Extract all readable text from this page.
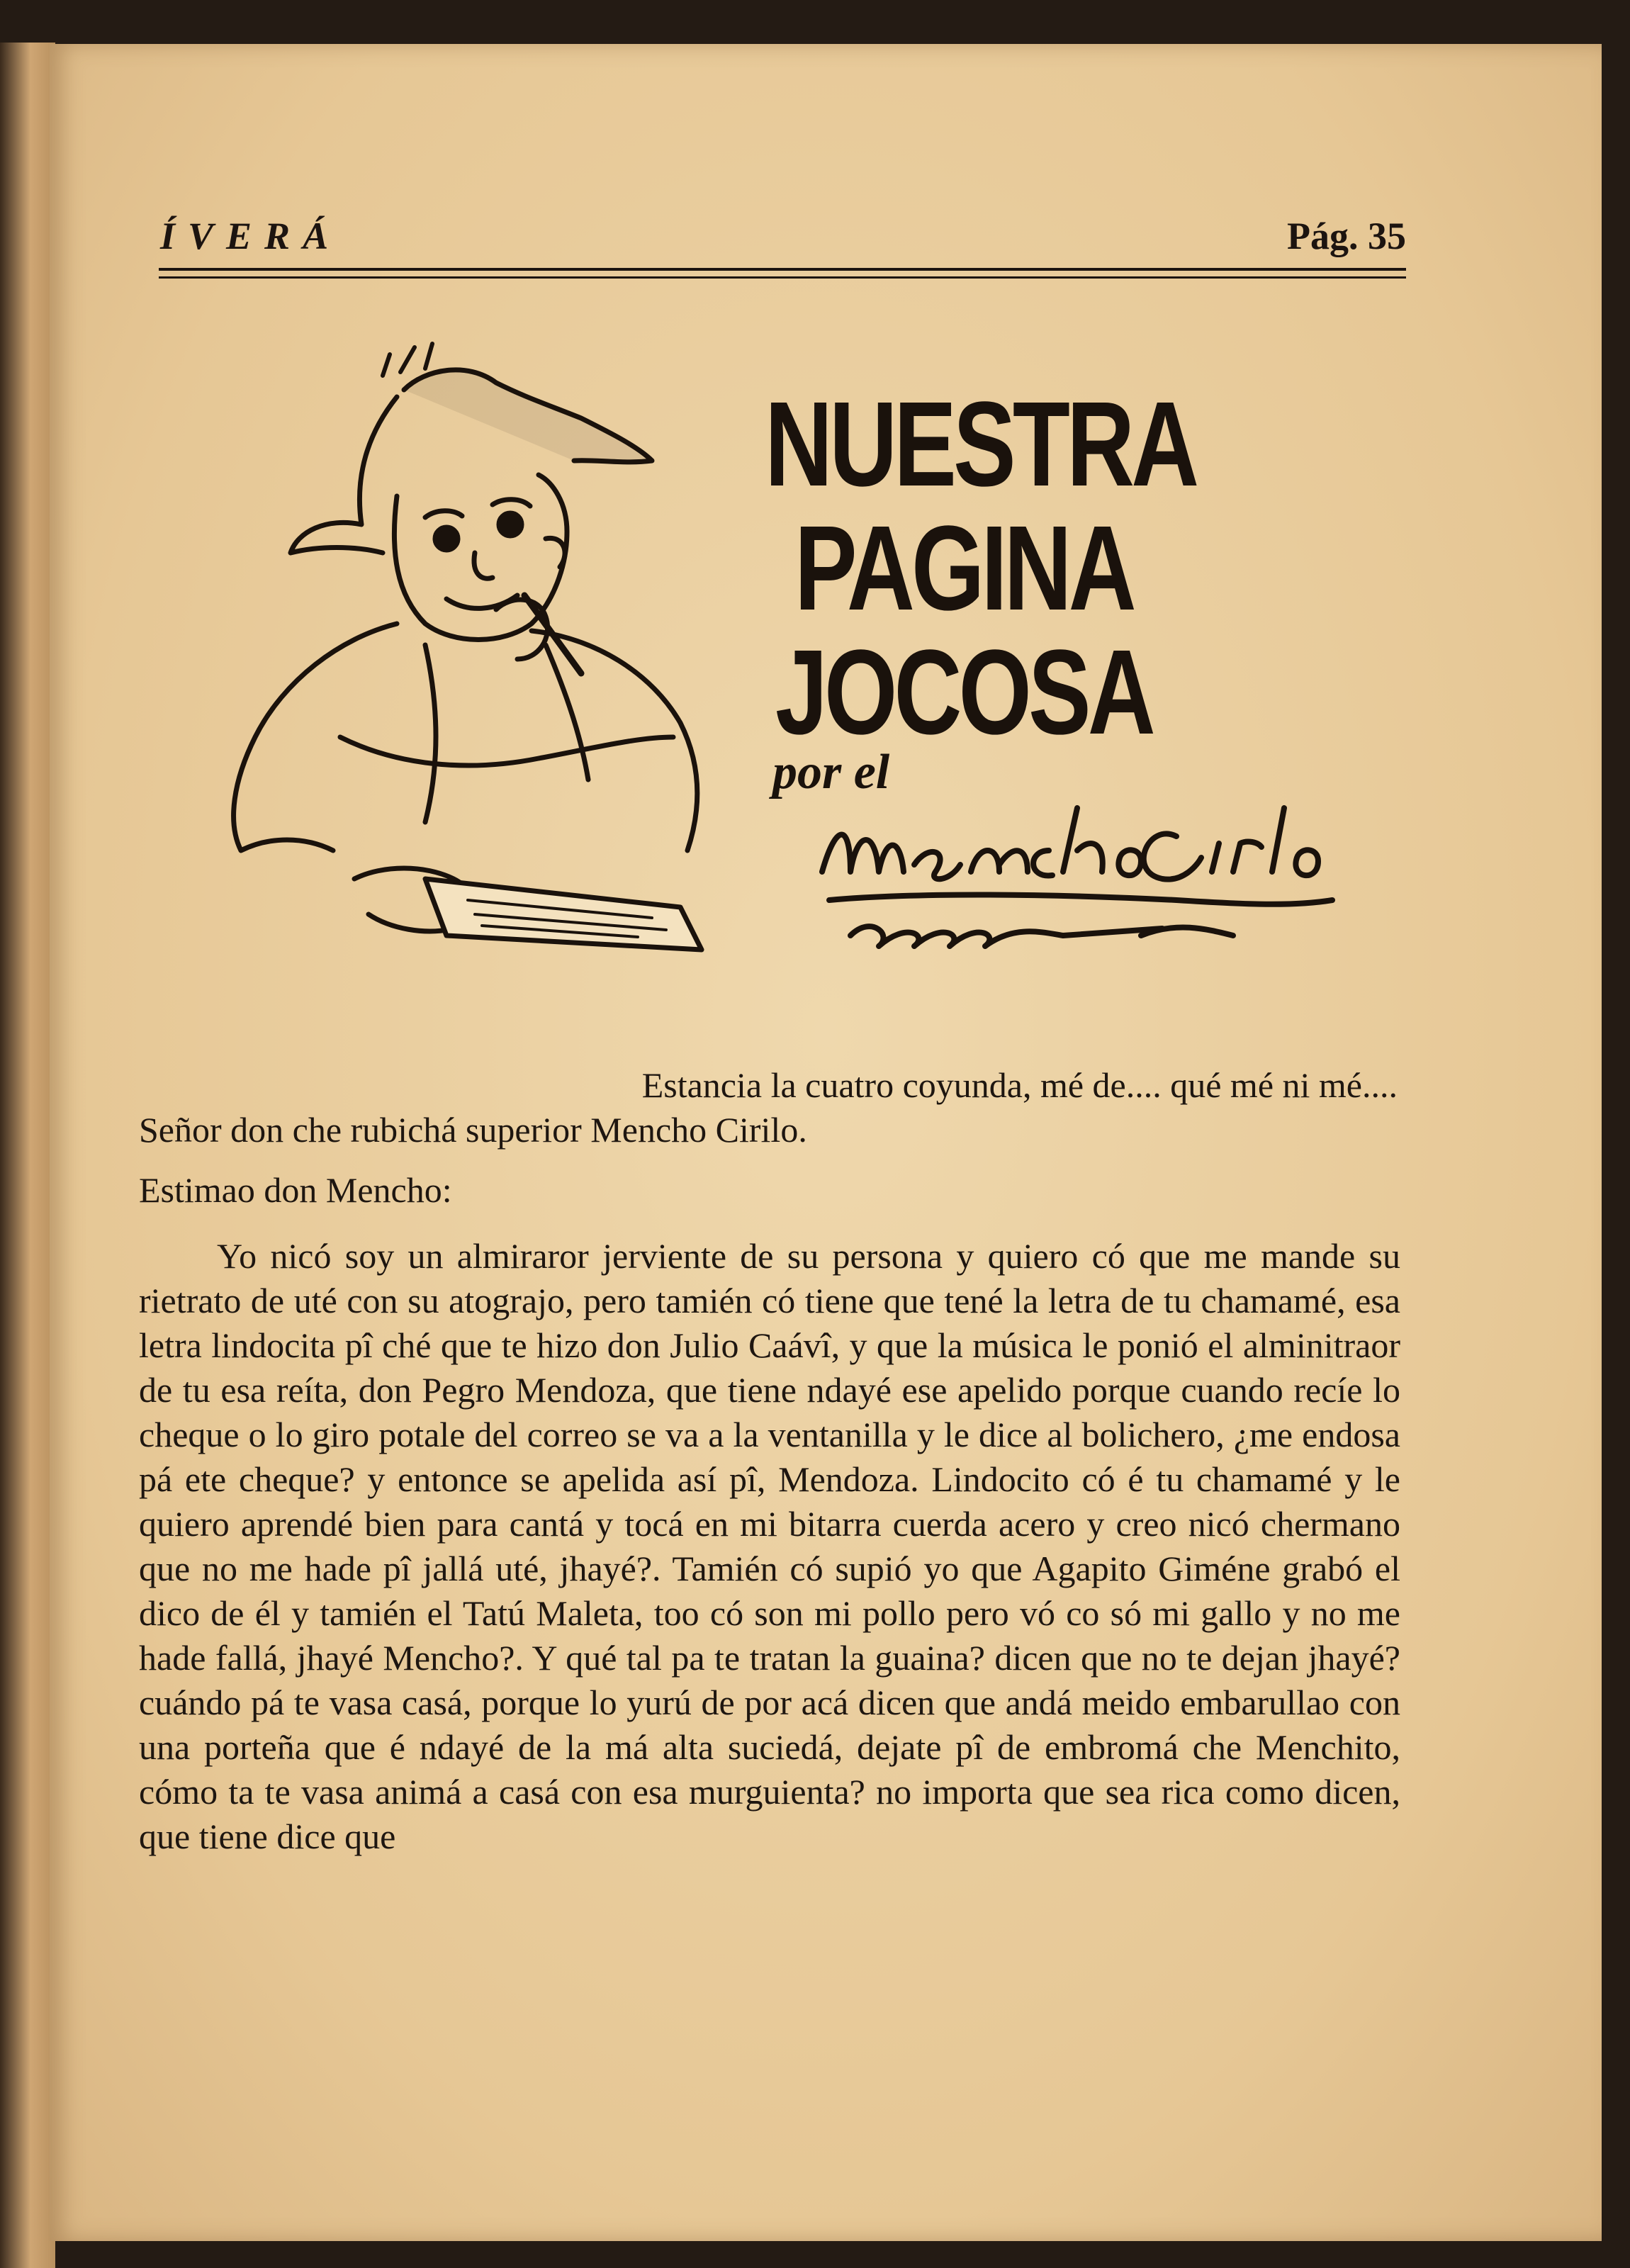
ÍVERÁ	Pág. 35
NUESTRA
PAGINA
JOCOSA
por el

Estancia la cuatro coyunda, mé de.... qué mé ni mé....

Señor don che rubichá superior Mencho Cirilo.

Estimao don Mencho:

Yo nicó soy un almiraror jerviente de su persona y quiero có que me mande su rietrato de uté con su atograjo, pero tamién có tiene que tené la letra de tu chamamé, esa letra lindocita pî ché que te hizo don Julio Caávî, y que la música le ponió el alminitraor de tu esa reíta, don Pegro Mendoza, que tiene ndayé ese apelido porque cuando recíe lo cheque o lo giro potale del correo se va a la ventanilla y le dice al bolichero, ¿me endosa pá ete cheque? y entonce se apelida así pî, Mendoza. Lindocito có é tu chamamé y le quiero aprendé bien para cantá y tocá en mi bitarra cuerda acero y creo nicó chermano que no me hade pî jallá uté, jhayé?. Tamién có supió yo que Agapito Giméne grabó el dico de él y tamién el Tatú Maleta, too có son mi pollo pero vó co só mi gallo y no me hade fallá, jhayé Mencho?. Y qué tal pa te tratan la guaina? dicen que no te dejan jhayé? cuándo pá te vasa casá, porque lo yurú de por acá dicen que andá meido embarullao con una porteña que é ndayé de la má alta suciedá, dejate pî de embromá che Menchito, cómo ta te vasa animá a casá con esa murguienta? no importa que sea rica como dicen, que tiene dice que
